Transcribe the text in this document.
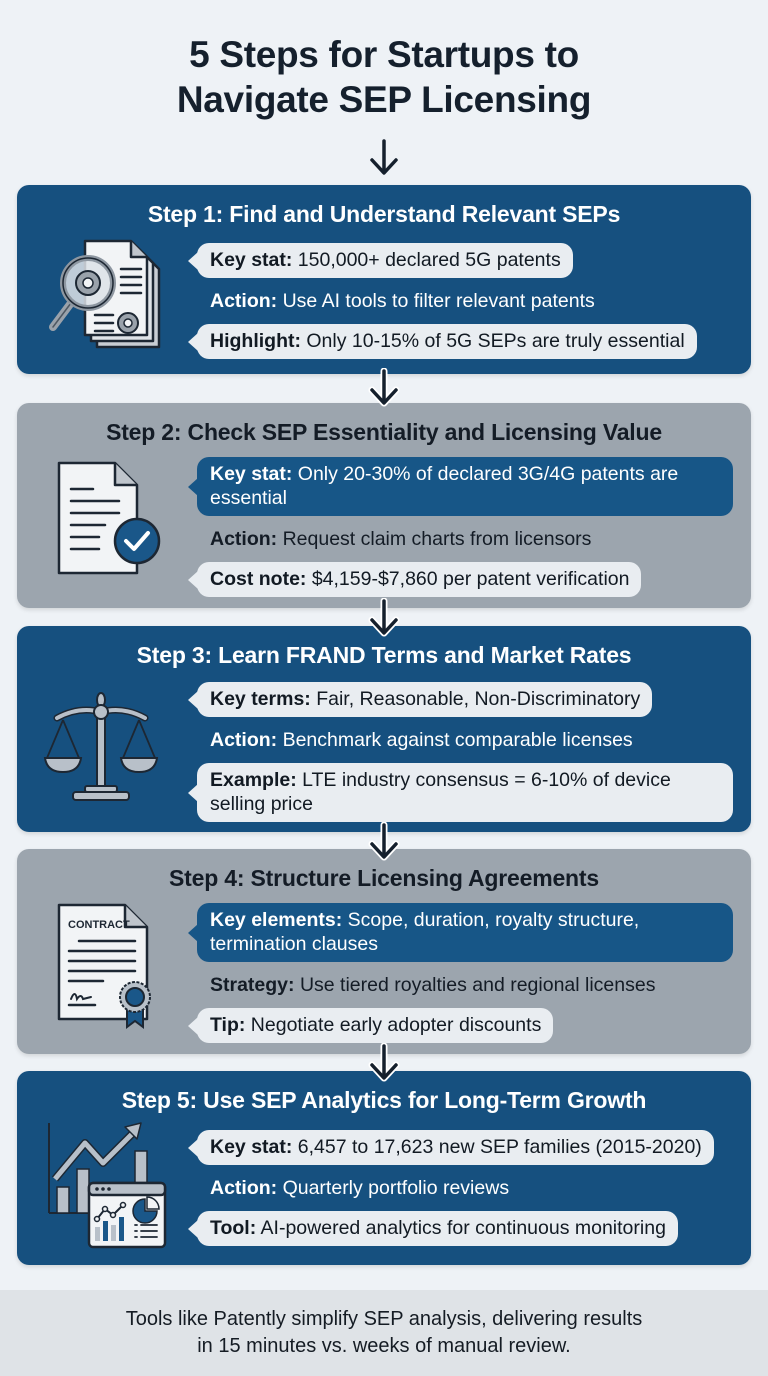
5 Steps for Startups to
Navigate SEP Licensing
Step 1: Find and Understand Relevant SEPs
Key stat: 150,000+ declared 5G patents
Action: Use AI tools to filter relevant patents
Highlight: Only 10-15% of 5G SEPs are truly essential
Step 2: Check SEP Essentiality and Licensing Value
Key stat: Only 20-30% of declared 3G/4G patents are essential
Action: Request claim charts from licensors
Cost note: $4,159-$7,860 per patent verification
Step 3: Learn FRAND Terms and Market Rates
Key terms: Fair, Reasonable, Non-Discriminatory
Action: Benchmark against comparable licenses
Example: LTE industry consensus = 6-10% of device selling price
Step 4: Structure Licensing Agreements
CONTRACT	Key elements: Scope, duration, royalty structure, termination clauses
Strategy: Use tiered royalties and regional licenses
Tip: Negotiate early adopter discounts
Step 5: Use SEP Analytics for Long-Term Growth
Key stat: 6,457 to 17,623 new SEP families (2015-2020)
Action: Quarterly portfolio reviews
Tool: AI-powered analytics for continuous monitoring
Tools like Patently simplify SEP analysis, delivering results
in 15 minutes vs. weeks of manual review.
